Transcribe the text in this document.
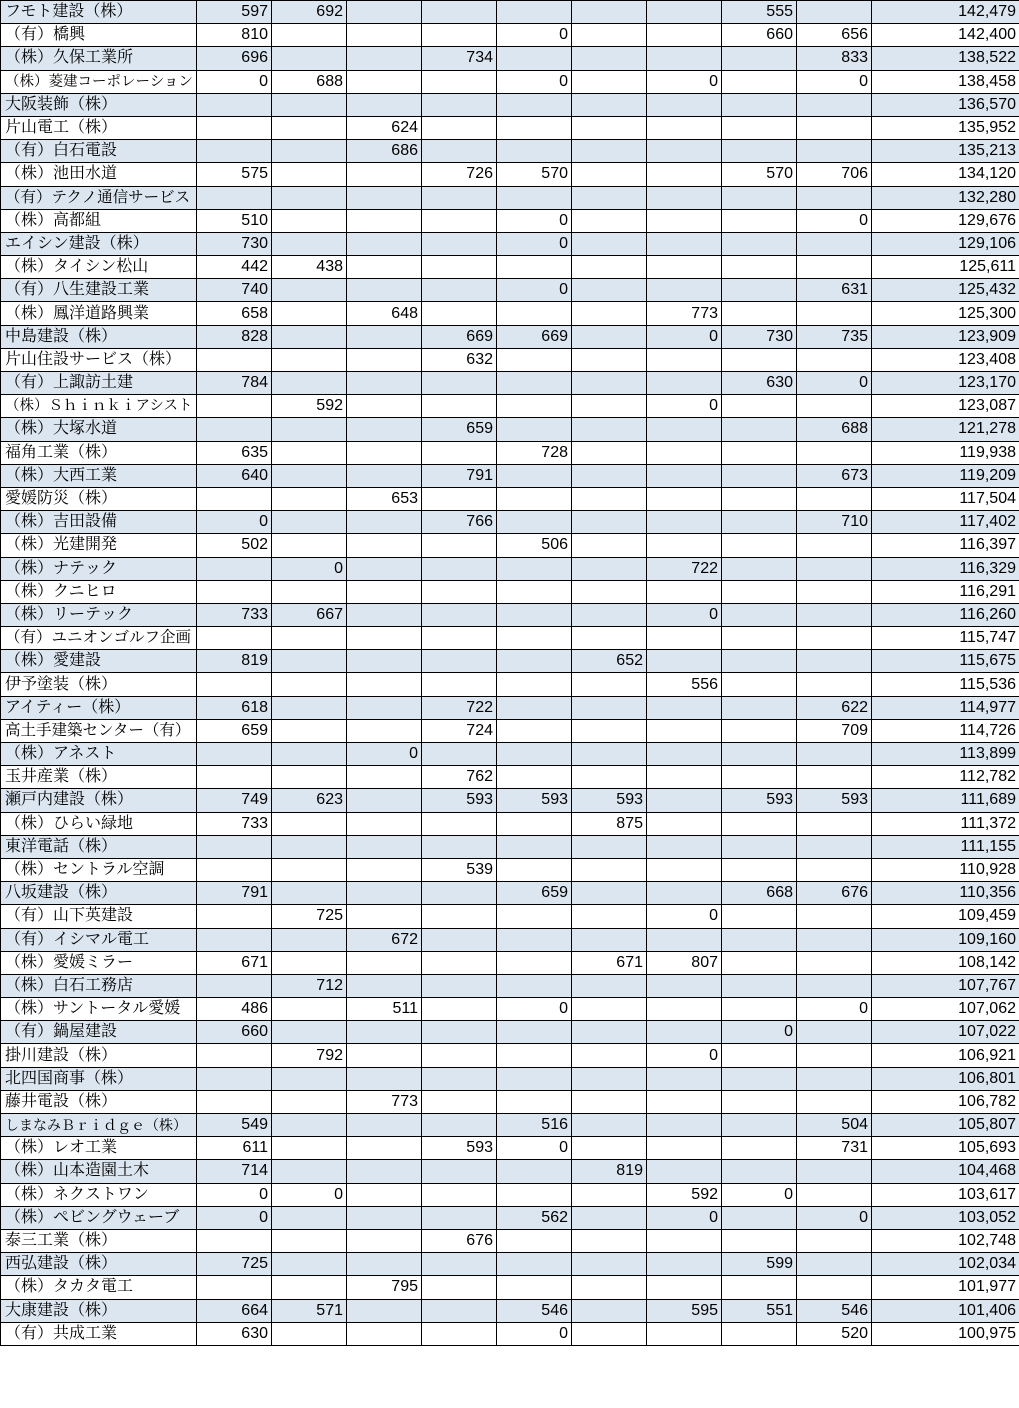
フモト建設（株）	597	692						555		142,479
（有）橋興	810				0			660	656	142,400
（株）久保工業所	696			734					833	138,522
（株）菱建コーポレーション	0	688			0		0		0	138,458
大阪装飾（株）										136,570
片山電工（株）			624							135,952
（有）白石電設			686							135,213
（株）池田水道	575			726	570			570	706	134,120
（有）テクノ通信サービス										132,280
（株）高都組	510				0				0	129,676
エイシン建設（株）	730				0					129,106
（株）タイシン松山	442	438								125,611
（有）八生建設工業	740				0				631	125,432
（株）鳳洋道路興業	658		648				773			125,300
中島建設（株）	828			669	669		0	730	735	123,909
片山住設サービス（株）				632						123,408
（有）上諏訪土建	784							630	0	123,170
（株）Ｓｈｉｎｋｉアシスト		592					0			123,087
（株）大塚水道				659					688	121,278
福角工業（株）	635				728					119,938
（株）大西工業	640			791					673	119,209
愛媛防災（株）			653							117,504
（株）吉田設備	0			766					710	117,402
（株）光建開発	502				506					116,397
（株）ナテック		0					722			116,329
（株）クニヒロ										116,291
（株）リーテック	733	667					0			116,260
（有）ユニオンゴルフ企画										115,747
（株）愛建設	819					652				115,675
伊予塗装（株）							556			115,536
アイティー（株）	618			722					622	114,977
高土手建築センター（有）	659			724					709	114,726
（株）アネスト			0							113,899
玉井産業（株）				762						112,782
瀬戸内建設（株）	749	623		593	593	593		593	593	111,689
（株）ひらい緑地	733					875				111,372
東洋電話（株）										111,155
（株）セントラル空調				539						110,928
八坂建設（株）	791				659			668	676	110,356
（有）山下英建設		725					0			109,459
（有）イシマル電工			672							109,160
（株）愛媛ミラー	671					671	807			108,142
（株）白石工務店		712								107,767
（株）サントータル愛媛	486		511		0				0	107,062
（有）鍋屋建設	660							0		107,022
掛川建設（株）		792					0			106,921
北四国商事（株）										106,801
藤井電設（株）			773							106,782
しまなみＢｒｉｄｇｅ（株）	549				516				504	105,807
（株）レオ工業	611			593	0				731	105,693
（株）山本造園土木	714					819				104,468
（株）ネクストワン	0	0					592	0		103,617
（株）ペビングウェーブ	0				562		0		0	103,052
泰三工業（株）				676						102,748
西弘建設（株）	725							599		102,034
（株）タカタ電工			795							101,977
大康建設（株）	664	571			546		595	551	546	101,406
（有）共成工業	630				0				520	100,975
